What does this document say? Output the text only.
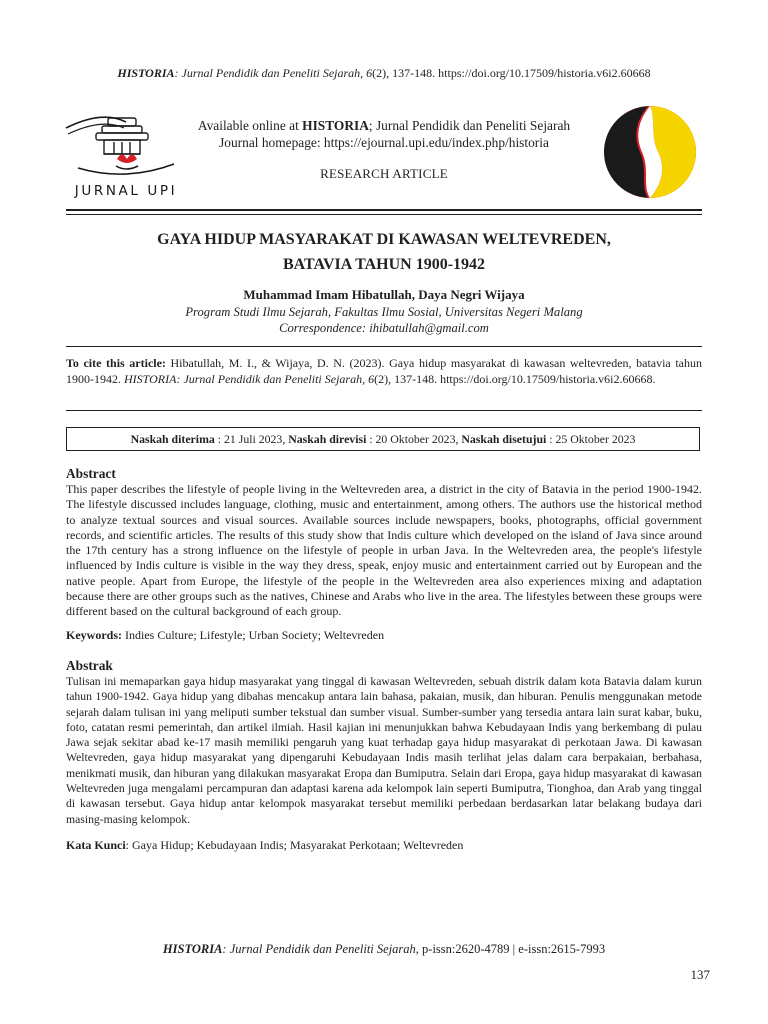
HISTORIA: Jurnal Pendidik dan Peneliti Sejarah, 6(2), 137-148. https://doi.org/10.17509/historia.v6i2.60668
JURNAL UPI
Available online at HISTORIA; Jurnal Pendidik dan Peneliti Sejarah
Journal homepage: https://ejournal.upi.edu/index.php/historia
RESEARCH ARTICLE
GAYA HIDUP MASYARAKAT DI KAWASAN WELTEVREDEN,
BATAVIA TAHUN 1900-1942
Muhammad Imam Hibatullah, Daya Negri Wijaya
Program Studi Ilmu Sejarah, Fakultas Ilmu Sosial, Universitas Negeri Malang
Correspondence: ihibatullah@gmail.com
To cite this article: Hibatullah, M. I., & Wijaya, D. N. (2023). Gaya hidup masyarakat di kawasan weltevreden, batavia tahun 1900-1942. HISTORIA: Jurnal Pendidik dan Peneliti Sejarah, 6(2), 137-148. https://doi.org/10.17509/historia.v6i2.60668.
Naskah diterima : 21 Juli 2023, Naskah direvisi : 20 Oktober 2023, Naskah disetujui : 25 Oktober 2023
Abstract
This paper describes the lifestyle of people living in the Weltevreden area, a district in the city of Batavia in the period 1900-1942. The lifestyle discussed includes language, clothing, music and entertainment, among others. The authors use the historical method to analyze textual sources and visual sources. Available sources include newspapers, books, photographs, official government records, and scientific articles. The results of this study show that Indis culture which developed on the island of Java since around the 17th century has a strong influence on the lifestyle of people in urban Java. In the Weltevreden area, the people's lifestyle influenced by Indis culture is visible in the way they dress, speak, enjoy music and entertainment carried out by European and the native people. Apart from Europe, the lifestyle of the people in the Weltevreden area also experiences mixing and adaptation because there are other groups such as the natives, Chinese and Arabs who live in the area. The lifestyles between these groups were different based on the cultural background of each group.
Keywords: Indies Culture; Lifestyle; Urban Society; Weltevreden
Abstrak
Tulisan ini memaparkan gaya hidup masyarakat yang tinggal di kawasan Weltevreden, sebuah distrik dalam kota Batavia dalam kurun tahun 1900-1942. Gaya hidup yang dibahas mencakup antara lain bahasa, pakaian, musik, dan hiburan. Penulis menggunakan metode sejarah dalam tulisan ini yang meliputi sumber tekstual dan sumber visual. Sumber-sumber yang tersedia antara lain surat kabar, buku, foto, catatan resmi pemerintah, dan artikel ilmiah. Hasil kajian ini menunjukkan bahwa Kebudayaan Indis yang berkembang di pulau Jawa sejak sekitar abad ke-17 masih memiliki pengaruh yang kuat terhadap gaya hidup masyarakat di perkotaan Jawa. Di kawasan Weltevreden, gaya hidup masyarakat yang dipengaruhi Kebudayaan Indis masih terlihat jelas dalam cara berpakaian, berbahasa, menikmati musik, dan hiburan yang dilakukan masyarakat Eropa dan Bumiputra. Selain dari Eropa, gaya hidup masyarakat di kawasan Weltevreden juga mengalami percampuran dan adaptasi karena ada kelompok lain seperti Bumiputra, Tionghoa, dan Arab yang tinggal di kawasan tersebut. Gaya hidup antar kelompok masyarakat tersebut memiliki perbedaan berdasarkan latar belakang budaya dari masing-masing kelompok.
Kata Kunci: Gaya Hidup; Kebudayaan Indis; Masyarakat Perkotaan; Weltevreden
HISTORIA: Jurnal Pendidik dan Peneliti Sejarah, p-issn:2620-4789 | e-issn:2615-7993
137
